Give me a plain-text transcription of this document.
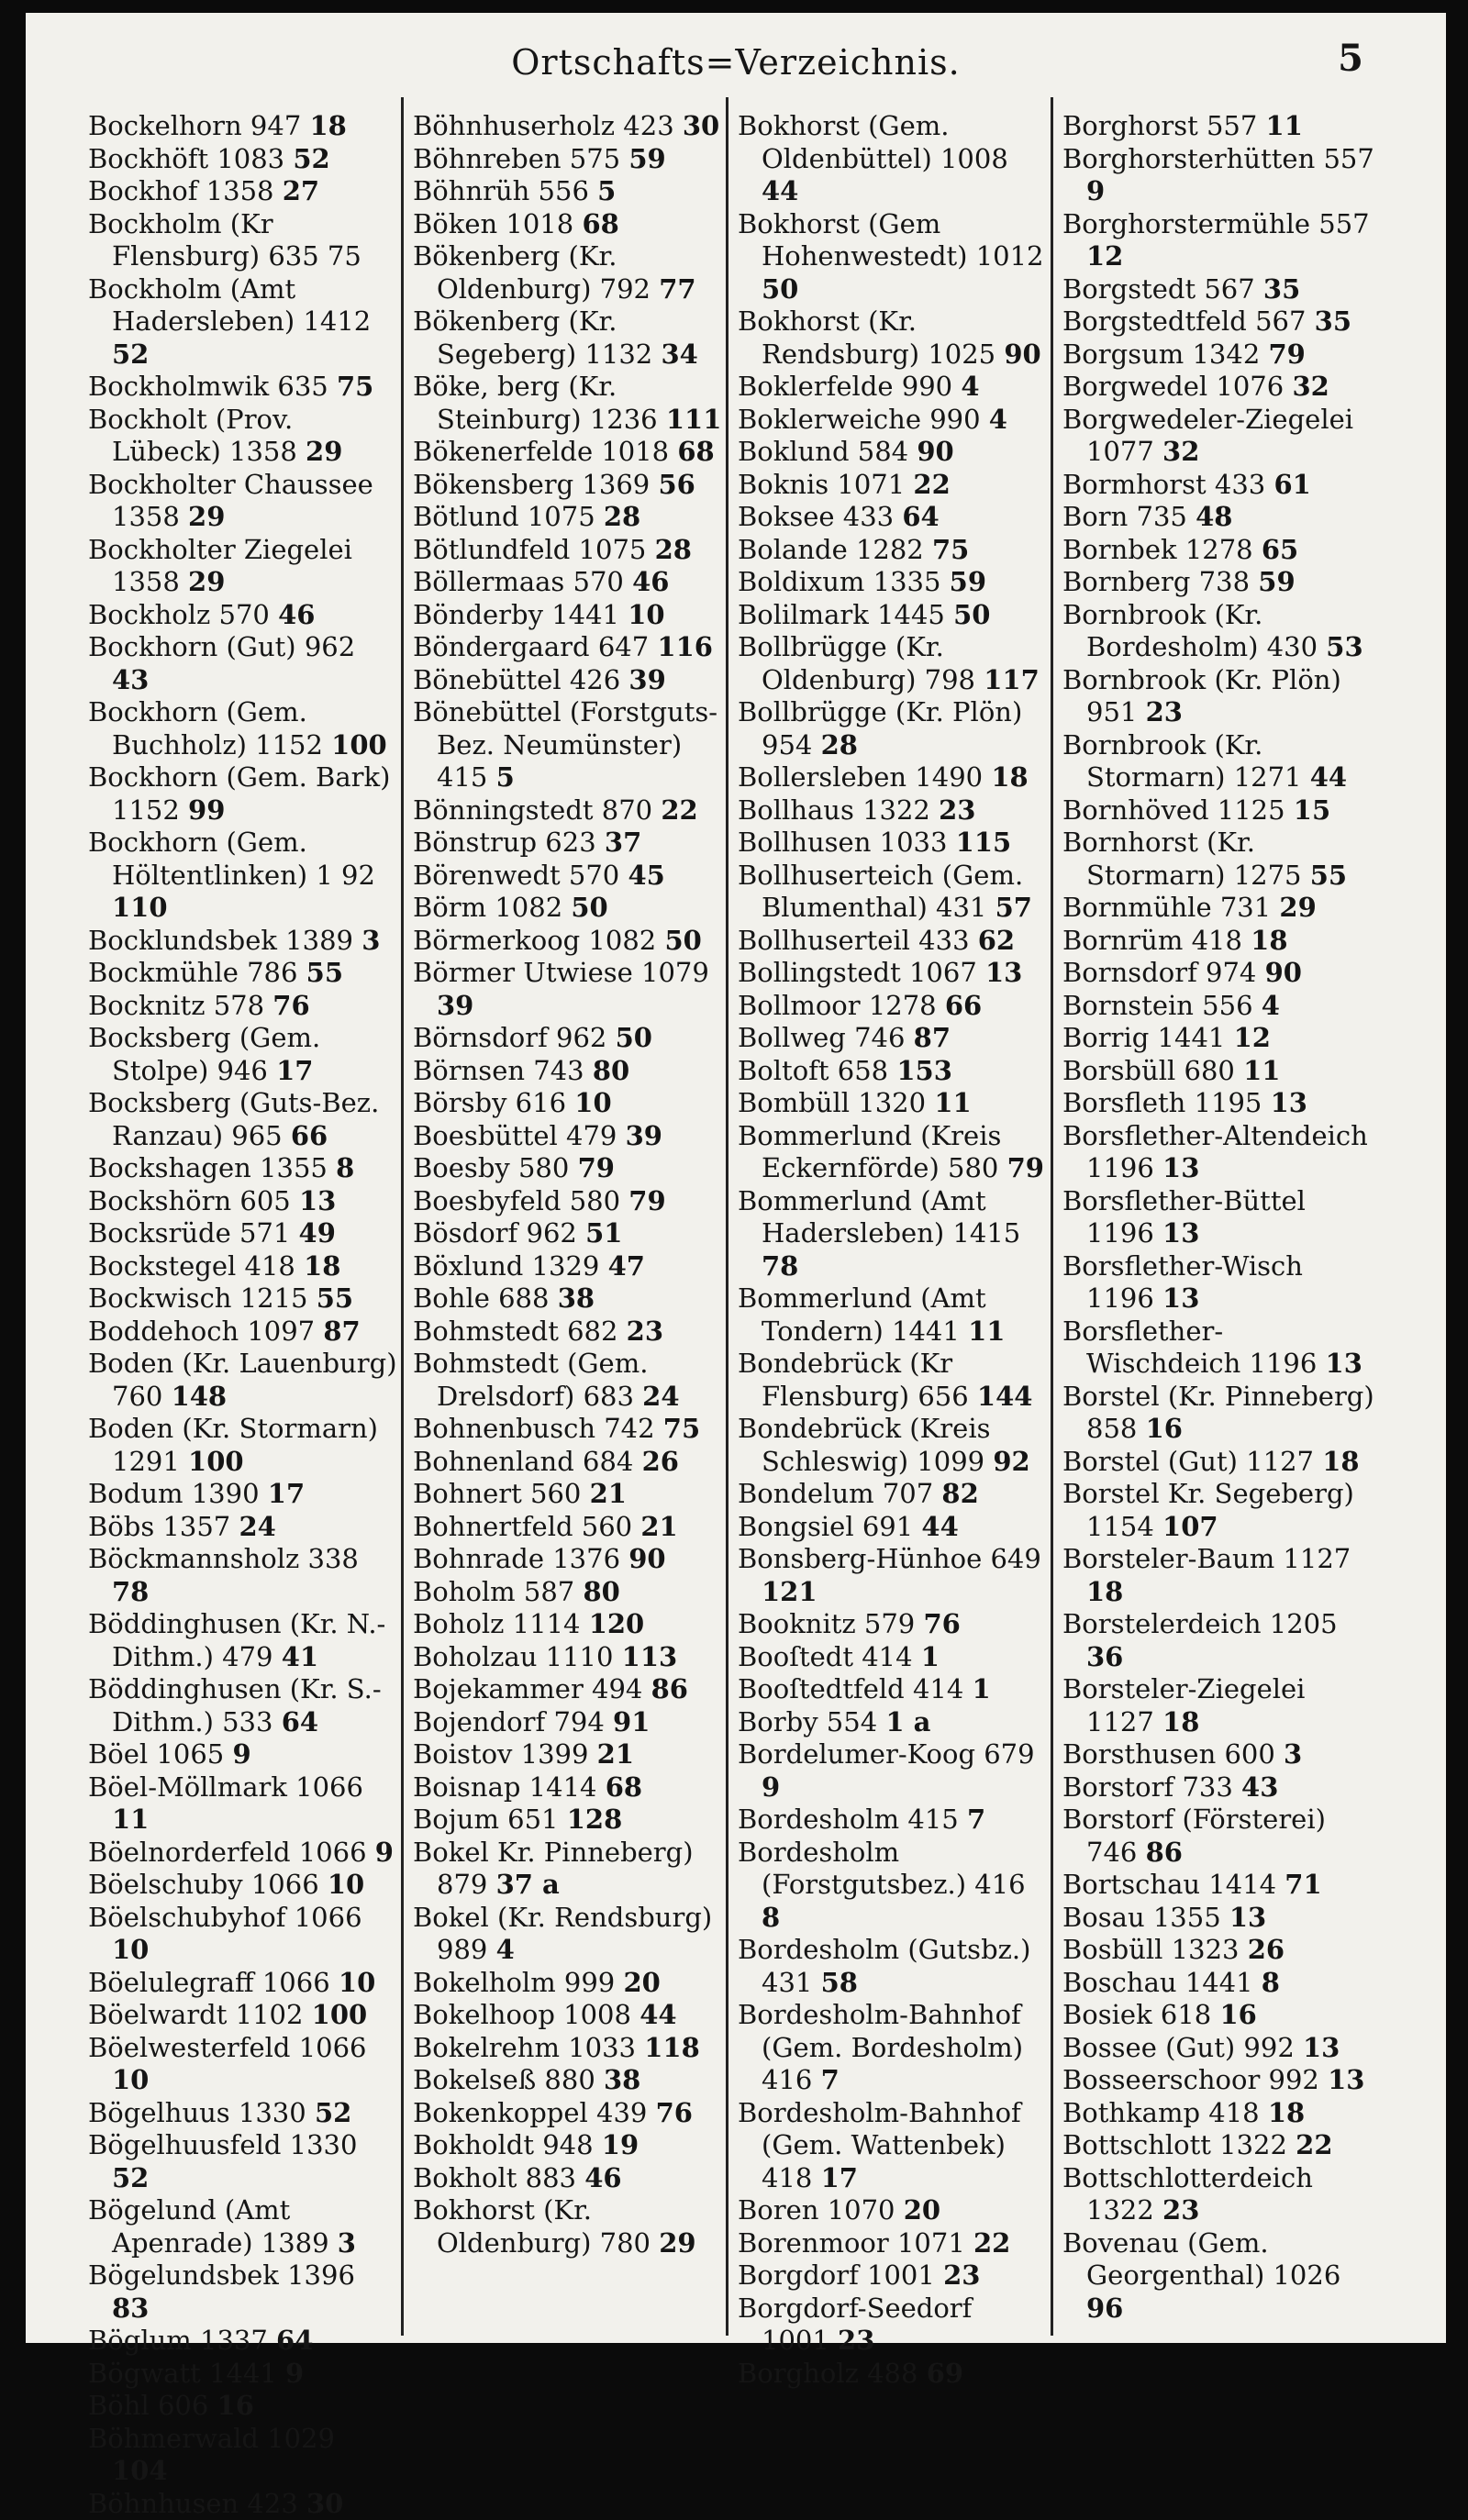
Ortschafts=Verzeichnis.	5
Bockelhorn 947 18
Bockhöft 1083 52
Bockhof 1358 27
Bockholm (Kr Flensburg) 635 75
Bockholm (Amt Hadersleben) 1412 52
Bockholmwik 635 75
Bockholt (Prov. Lübeck) 1358 29
Bockholter Chaussee 1358 29
Bockholter Ziegelei 1358 29
Bockholz 570 46
Bockhorn (Gut) 962 43
Bockhorn (Gem. Buchholz) 1152 100
Bockhorn (Gem. Bark) 1152 99
Bockhorn (Gem. Höltentlinken) 1 92 110
Bocklundsbek 1389 3
Bockmühle 786 55
Bocknitz 578 76
Bocksberg (Gem. Stolpe) 946 17
Bocksberg (Guts-Bez. Ranzau) 965 66
Bockshagen 1355 8
Bockshörn 605 13
Bocksrüde 571 49
Bockstegel 418 18
Bockwisch 1215 55
Boddehoch 1097 87
Boden (Kr. Lauenburg) 760 148
Boden (Kr. Stormarn) 1291 100
Bodum 1390 17
Böbs 1357 24
Böckmannsholz 338 78
Böddinghusen (Kr. N.-Dithm.) 479 41
Böddinghusen (Kr. S.-Dithm.) 533 64
Böel 1065 9
Böel-Möllmark 1066 11
Böelnorderfeld 1066 9
Böelschuby 1066 10
Böelschubyhof 1066 10
Böelulegraff 1066 10
Böelwardt 1102 100
Böelwesterfeld 1066 10
Bögelhuus 1330 52
Bögelhuusfeld 1330 52
Bögelund (Amt Apenrade) 1389 3
Bögelundsbek 1396 83
Böglum 1337 64
Bögwatt 1441 9
Böhl 606 16
Böhmerwald 1029 104
Böhnhusen 423 30
Böhnhuserholz 423 30
Böhnreben 575 59
Böhnrüh 556 5
Böken 1018 68
Bökenberg (Kr. Oldenburg) 792 77
Bökenberg (Kr. Segeberg) 1132 34
Böke, berg (Kr. Steinburg) 1236 111
Bökenerfelde 1018 68
Bökensberg 1369 56
Bötlund 1075 28
Bötlundfeld 1075 28
Böllermaas 570 46
Bönderby 1441 10
Böndergaard 647 116
Bönebüttel 426 39
Bönebüttel (Forstguts-Bez. Neumünster) 415 5
Bönningstedt 870 22
Bönstrup 623 37
Börenwedt 570 45
Börm 1082 50
Börmerkoog 1082 50
Börmer Utwiese 1079 39
Börnsdorf 962 50
Börnsen 743 80
Börsby 616 10
Boesbüttel 479 39
Boesby 580 79
Boesbyfeld 580 79
Bösdorf 962 51
Böxlund 1329 47
Bohle 688 38
Bohmstedt 682 23
Bohmstedt (Gem. Drelsdorf) 683 24
Bohnenbusch 742 75
Bohnenland 684 26
Bohnert 560 21
Bohnertfeld 560 21
Bohnrade 1376 90
Boholm 587 80
Boholz 1114 120
Boholzau 1110 113
Bojekammer 494 86
Bojendorf 794 91
Boistov 1399 21
Boisnap 1414 68
Bojum 651 128
Bokel Kr. Pinneberg) 879 37 a
Bokel (Kr. Rendsburg) 989 4
Bokelholm 999 20
Bokelhoop 1008 44
Bokelrehm 1033 118
Bokelseß 880 38
Bokenkoppel 439 76
Bokholdt 948 19
Bokholt 883 46
Bokhorst (Kr. Oldenburg) 780 29
Bokhorst (Gem. Oldenbüttel) 1008 44
Bokhorst (Gem Hohenwestedt) 1012 50
Bokhorst (Kr. Rendsburg) 1025 90
Boklerfelde 990 4
Boklerweiche 990 4
Boklund 584 90
Boknis 1071 22
Boksee 433 64
Bolande 1282 75
Boldixum 1335 59
Bolilmark 1445 50
Bollbrügge (Kr. Oldenburg) 798 117
Bollbrügge (Kr. Plön) 954 28
Bollersleben 1490 18
Bollhaus 1322 23
Bollhusen 1033 115
Bollhuserteich (Gem. Blumenthal) 431 57
Bollhuserteil 433 62
Bollingstedt 1067 13
Bollmoor 1278 66
Bollweg 746 87
Boltoft 658 153
Bombüll 1320 11
Bommerlund (Kreis Eckernförde) 580 79
Bommerlund (Amt Hadersleben) 1415 78
Bommerlund (Amt Tondern) 1441 11
Bondebrück (Kr Flensburg) 656 144
Bondebrück (Kreis Schleswig) 1099 92
Bondelum 707 82
Bongsiel 691 44
Bonsberg-Hünhoe 649 121
Booknitz 579 76
Booſtedt 414 1
Booſtedtfeld 414 1
Borby 554 1 a
Bordelumer-Koog 679 9
Bordesholm 415 7
Bordesholm (Forstgutsbez.) 416 8
Bordesholm (Gutsbz.) 431 58
Bordesholm-Bahnhof (Gem. Bordesholm) 416 7
Bordesholm-Bahnhof (Gem. Wattenbek) 418 17
Boren 1070 20
Borenmoor 1071 22
Borgdorf 1001 23
Borgdorf-Seedorf 1001 23
Borgholz 488 69
Borghorst 557 11
Borghorsterhütten 557 9
Borghorstermühle 557 12
Borgstedt 567 35
Borgstedtfeld 567 35
Borgsum 1342 79
Borgwedel 1076 32
Borgwedeler-Ziegelei 1077 32
Bormhorst 433 61
Born 735 48
Bornbek 1278 65
Bornberg 738 59
Bornbrook (Kr. Bordesholm) 430 53
Bornbrook (Kr. Plön) 951 23
Bornbrook (Kr. Stormarn) 1271 44
Bornhöved 1125 15
Bornhorst (Kr. Stormarn) 1275 55
Bornmühle 731 29
Bornrüm 418 18
Bornsdorf 974 90
Bornstein 556 4
Borrig 1441 12
Borsbüll 680 11
Borsfleth 1195 13
Borsflether-Altendeich 1196 13
Borsflether-Büttel 1196 13
Borsflether-Wisch 1196 13
Borsflether-Wischdeich 1196 13
Borstel (Kr. Pinneberg) 858 16
Borstel (Gut) 1127 18
Borstel Kr. Segeberg) 1154 107
Borsteler-Baum 1127 18
Borstelerdeich 1205 36
Borsteler-Ziegelei 1127 18
Borsthusen 600 3
Borstorf 733 43
Borstorf (Försterei) 746 86
Bortschau 1414 71
Bosau 1355 13
Bosbüll 1323 26
Boschau 1441 8
Bosiek 618 16
Bossee (Gut) 992 13
Bossеerschoor 992 13
Bothkamp 418 18
Bottschlott 1322 22
Bottschlotterdeich 1322 23
Bovenau (Gem. Georgenthal) 1026 96
